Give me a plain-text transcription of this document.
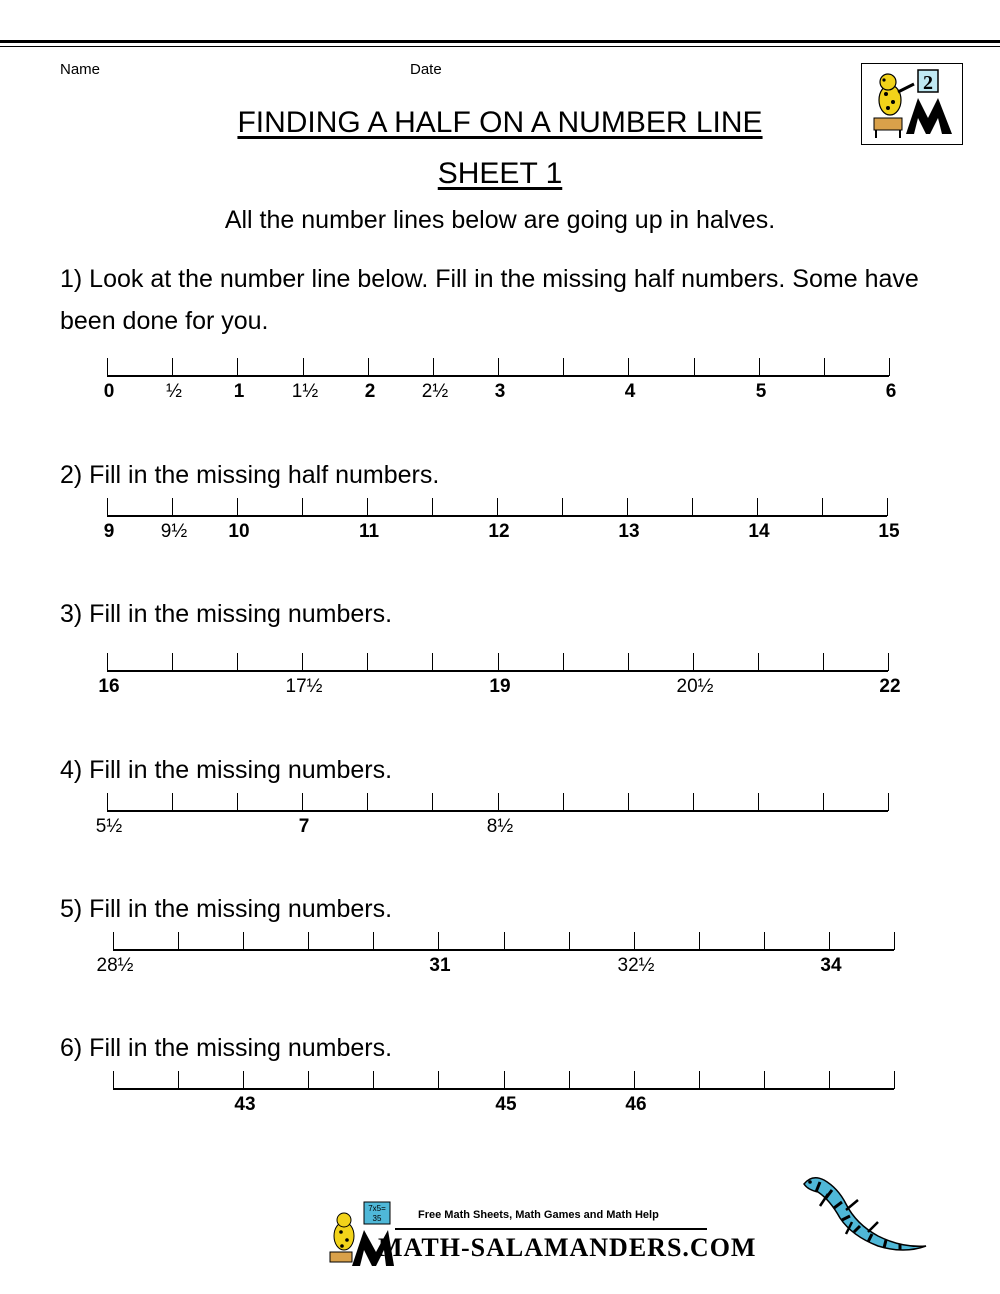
Name	Date
2
FINDING A HALF ON A NUMBER LINE
SHEET 1
All the number lines below are going up in halves.
1) Look at the number line below. Fill in the missing half numbers. Some have been done for you.
2) Fill in the missing half numbers.
3) Fill in the missing numbers.
4) Fill in the missing numbers.
5) Fill in the missing numbers.
6) Fill in the missing numbers.
0	½	1	1½ 2 2½ 3	4	5	6
9 9½ 10	11	12	13	14	15
16	17½	19	20½	22
5½	7	8½
28½	31	32½	34
43	45	46
7x5=
35	Free Math Sheets, Math Games and Math Help
MATH-SALAMANDERS.COM
